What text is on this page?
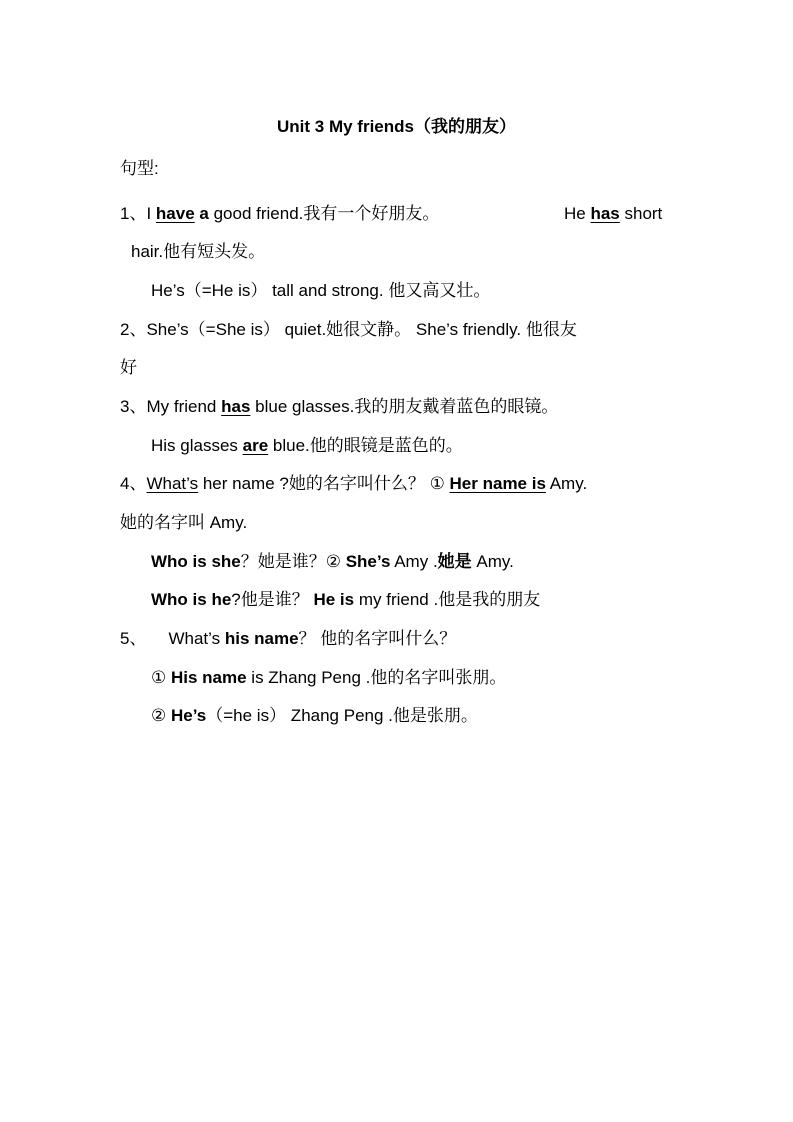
Unit 3 My friends（我的朋友）
句型:
1、I have a good friend.我有一个好朋友。	He has short
hair.他有短头发。
He’s（=He is） tall and strong. 他又高又壮。
2、She’s（=She is） quiet.她很文静。 She’s friendly. 他很友
好
3、My friend has blue glasses.我的朋友戴着蓝色的眼镜。
His glasses are blue.他的眼镜是蓝色的。
4、What’s her name ?她的名字叫什么？ ① Her name is Amy.
她的名字叫 Amy.
Who is she？她是谁？② She’s Amy .她是 Amy.
Who is he?他是谁？ He is my friend .他是我的朋友
5、 What’s his name？ 他的名字叫什么？
① His name is Zhang Peng .他的名字叫张朋。
② He’s（=he is） Zhang Peng .他是张朋。
